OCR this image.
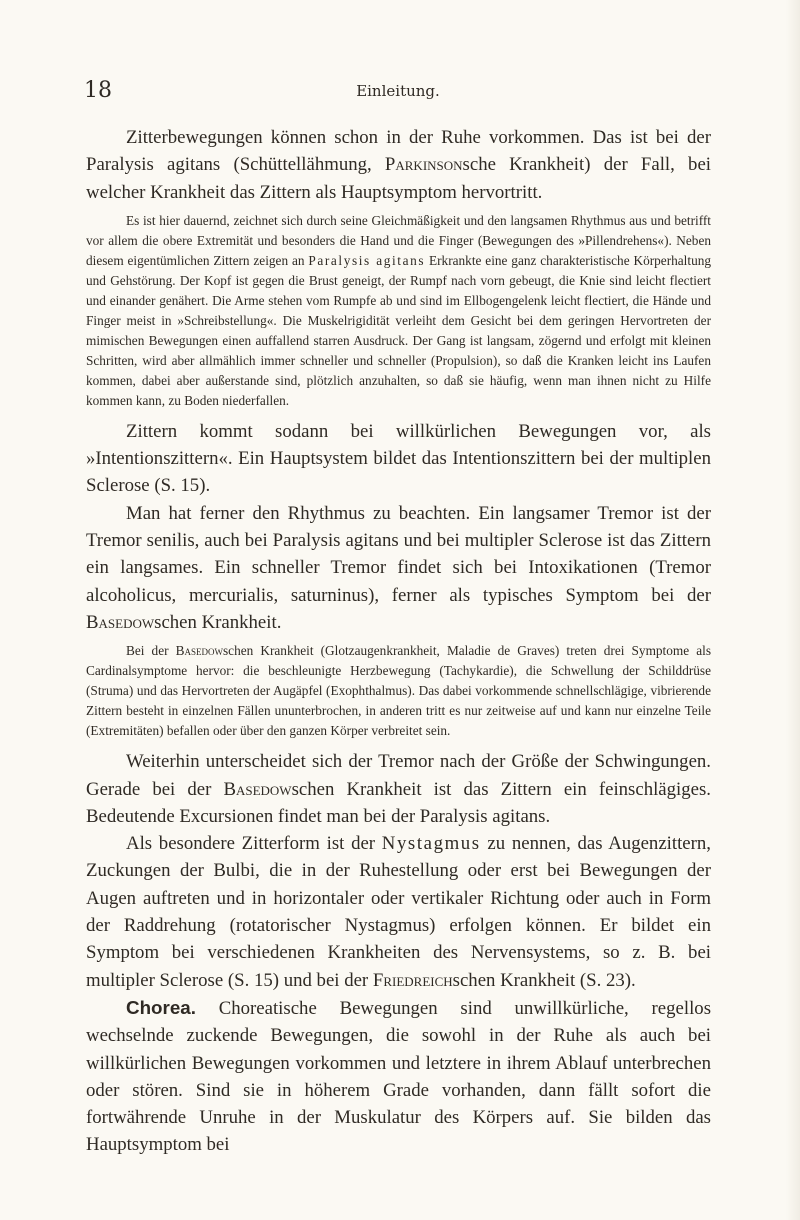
18	Einleitung.

Zitterbewegungen können schon in der Ruhe vorkommen. Das ist bei der Paralysis agitans (Schüttellähmung, Parkinsonsche Krankheit) der Fall, bei welcher Krankheit das Zittern als Hauptsymptom hervortritt.

Es ist hier dauernd, zeichnet sich durch seine Gleichmäßigkeit und den langsamen Rhythmus aus und betrifft vor allem die obere Extremität und besonders die Hand und die Finger (Bewegungen des »Pillendrehens«). Neben diesem eigentümlichen Zittern zeigen an Paralysis agitans Erkrankte eine ganz charakteristische Körperhaltung und Gehstörung. Der Kopf ist gegen die Brust geneigt, der Rumpf nach vorn gebeugt, die Knie sind leicht flectiert und einander genähert. Die Arme stehen vom Rumpfe ab und sind im Ellbogengelenk leicht flectiert, die Hände und Finger meist in »Schreibstellung«. Die Muskelrigidität verleiht dem Gesicht bei dem geringen Hervortreten der mimischen Bewegungen einen auffallend starren Ausdruck. Der Gang ist langsam, zögernd und erfolgt mit kleinen Schritten, wird aber allmählich immer schneller und schneller (Propulsion), so daß die Kranken leicht ins Laufen kommen, dabei aber außerstande sind, plötzlich anzuhalten, so daß sie häufig, wenn man ihnen nicht zu Hilfe kommen kann, zu Boden niederfallen.

Zittern kommt sodann bei willkürlichen Bewegungen vor, als »Intentionszittern«. Ein Hauptsystem bildet das Intentionszittern bei der multiplen Sclerose (S. 15).

Man hat ferner den Rhythmus zu beachten. Ein langsamer Tremor ist der Tremor senilis, auch bei Paralysis agitans und bei multipler Sclerose ist das Zittern ein langsames. Ein schneller Tremor findet sich bei Intoxikationen (Tremor alcoholicus, mercurialis, saturninus), ferner als typisches Symptom bei der Basedowschen Krankheit.

Bei der Basedowschen Krankheit (Glotzaugenkrankheit, Maladie de Graves) treten drei Symptome als Cardinalsymptome hervor: die beschleunigte Herzbewegung (Tachykardie), die Schwellung der Schilddrüse (Struma) und das Hervortreten der Augäpfel (Exophthalmus). Das dabei vorkommende schnellschlägige, vibrierende Zittern besteht in einzelnen Fällen ununterbrochen, in anderen tritt es nur zeitweise auf und kann nur einzelne Teile (Extremitäten) befallen oder über den ganzen Körper verbreitet sein.

Weiterhin unterscheidet sich der Tremor nach der Größe der Schwingungen. Gerade bei der Basedowschen Krankheit ist das Zittern ein feinschlägiges. Bedeutende Excursionen findet man bei der Paralysis agitans.

Als besondere Zitterform ist der Nystagmus zu nennen, das Augenzittern, Zuckungen der Bulbi, die in der Ruhestellung oder erst bei Bewegungen der Augen auftreten und in horizontaler oder vertikaler Richtung oder auch in Form der Raddrehung (rotatorischer Nystagmus) erfolgen können. Er bildet ein Symptom bei verschiedenen Krankheiten des Nervensystems, so z. B. bei multipler Sclerose (S. 15) und bei der Friedreichschen Krankheit (S. 23).

Chorea. Choreatische Bewegungen sind unwillkürliche, regellos wechselnde zuckende Bewegungen, die sowohl in der Ruhe als auch bei willkürlichen Bewegungen vorkommen und letztere in ihrem Ablauf unterbrechen oder stören. Sind sie in höherem Grade vorhanden, dann fällt sofort die fortwährende Unruhe in der Muskulatur des Körpers auf. Sie bilden das Hauptsymptom bei
